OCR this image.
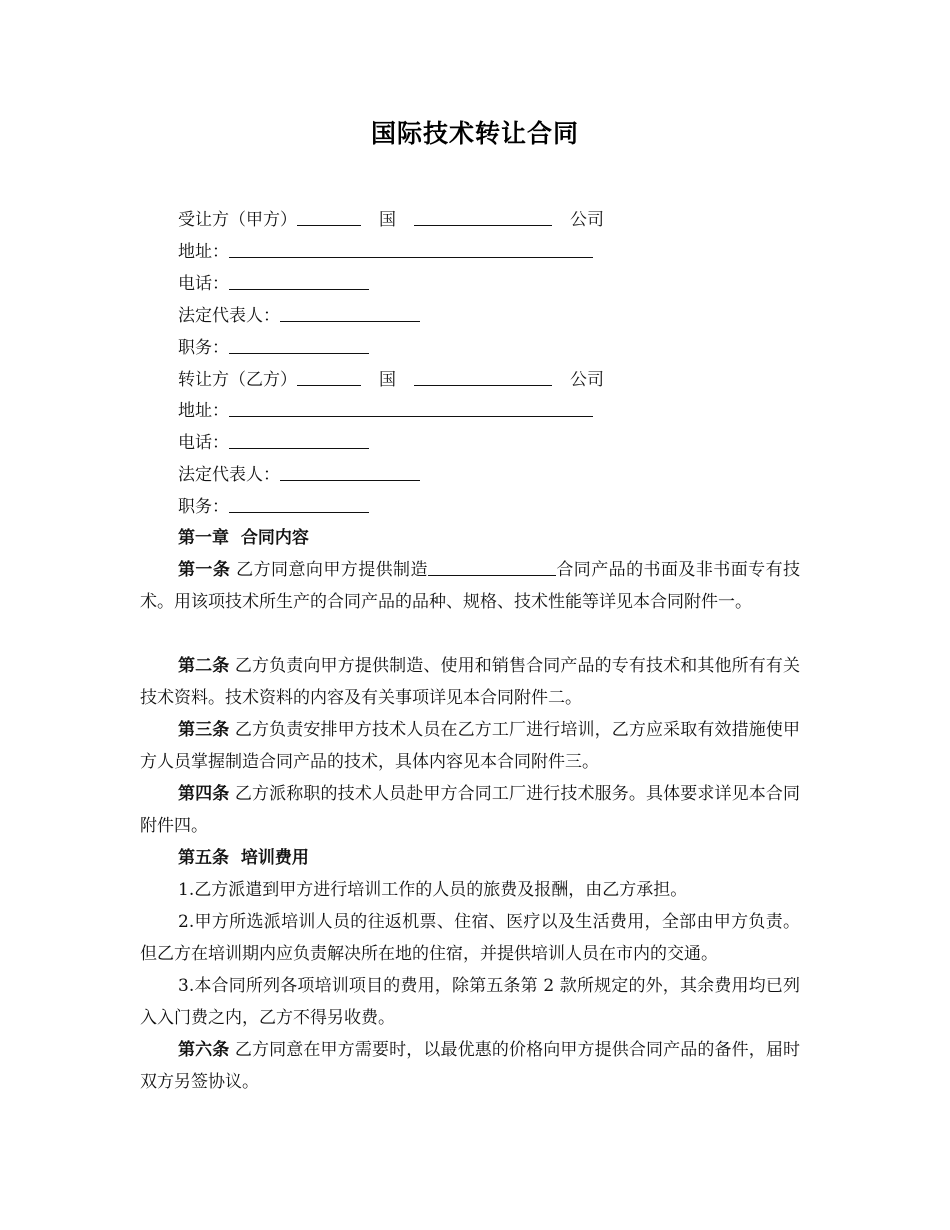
国际技术转让合同
受让方（甲方）	国	公司
地址：
电话：
法定代表人：
职务：
转让方（乙方）	国	公司
地址：
电话：
法定代表人：
职务：
第一章  合同内容
第一条 乙方同意向甲方提供制造	合同产品的书面及非书面专有技术。用该项技术所生产的合同产品的品种、规格、技术性能等详见本合同附件一。
第二条 乙方负责向甲方提供制造、使用和销售合同产品的专有技术和其他所有有关技术资料。技术资料的内容及有关事项详见本合同附件二。
第三条 乙方负责安排甲方技术人员在乙方工厂进行培训，乙方应采取有效措施使甲方人员掌握制造合同产品的技术，具体内容见本合同附件三。
第四条 乙方派称职的技术人员赴甲方合同工厂进行技术服务。具体要求详见本合同附件四。
第五条  培训费用
1.乙方派遣到甲方进行培训工作的人员的旅费及报酬，由乙方承担。
2.甲方所选派培训人员的往返机票、住宿、医疗以及生活费用，全部由甲方负责。但乙方在培训期内应负责解决所在地的住宿，并提供培训人员在市内的交通。
3.本合同所列各项培训项目的费用，除第五条第 2 款所规定的外，其余费用均已列入入门费之内，乙方不得另收费。
第六条 乙方同意在甲方需要时，以最优惠的价格向甲方提供合同产品的备件，届时双方另签协议。
